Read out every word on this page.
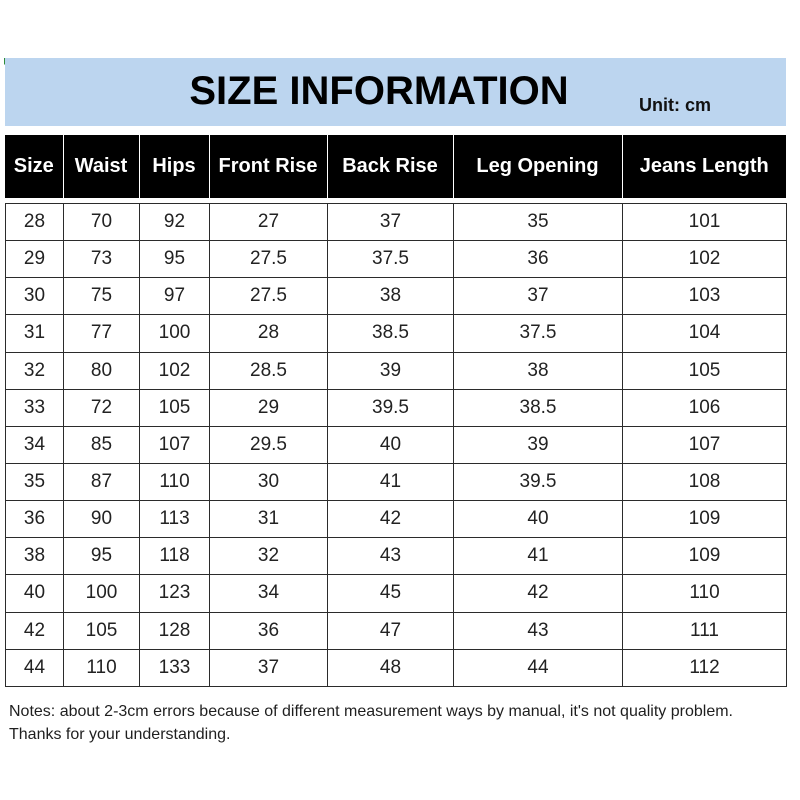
SIZE INFORMATION	Unit: cm
Size	Waist	Hips	Front Rise	Back Rise	Leg Opening	Jeans Length
28	70	92	27	37	35	101
29	73	95	27.5	37.5	36	102
30	75	97	27.5	38	37	103
31	77	100	28	38.5	37.5	104
32	80	102	28.5	39	38	105
33	72	105	29	39.5	38.5	106
34	85	107	29.5	40	39	107
35	87	110	30	41	39.5	108
36	90	113	31	42	40	109
38	95	118	32	43	41	109
40	100	123	34	45	42	110
42	105	128	36	47	43	111
44	110	133	37	48	44	112
Notes: about 2-3cm errors because of different measurement ways by manual, it's not quality problem. Thanks for your understanding.
